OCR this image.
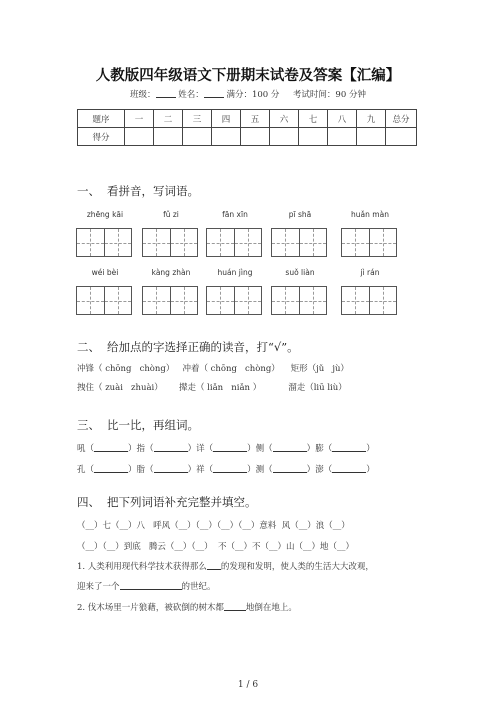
人教版四年级语文下册期末试卷及答案【汇编】
班级：	姓名：	满分：100 分 考试时间：90 分钟
题序	一	二	三	四	五	六	七	八	九	总分
得分										
一、 看拼音，写词语。
zhēng kāi	fǔ zi	fān xīn	pī shā	huǎn màn
wéi bèi	kàng zhàn	huán jìng	suǒ liàn	jì rán
二、 给加点的字选择正确的读音，打“√”。
冲锋（ chōng   chòng）   冲着（ chōng   chòng）    矩形（jǔ   jù）
拽住（ zuài   zhuài）      撵走（ liǎn   niǎn ）          溜走（liū liù）
三、 比一比，再组词。
吼（	）指（	）详（	）侧（	）膨（	）
孔（	）脂（	）祥（	）测（	）澎（	）
四、 把下列词语补充完整并填空。
（__）七（__）八   呼风（__）（__）（__）（__）意料  风（__）浪（__）
（__）（__）到底   腾云（__）（__）  不（__）不（__）山（__）地（__）
1. 人类利用现代科学技术获得那么 的发现和发明，使人类的生活大大改观，
迎来了一个	的世纪。
2. 伐木场里一片狼藉，被砍倒的树木都	地倒在地上。
1 / 6
